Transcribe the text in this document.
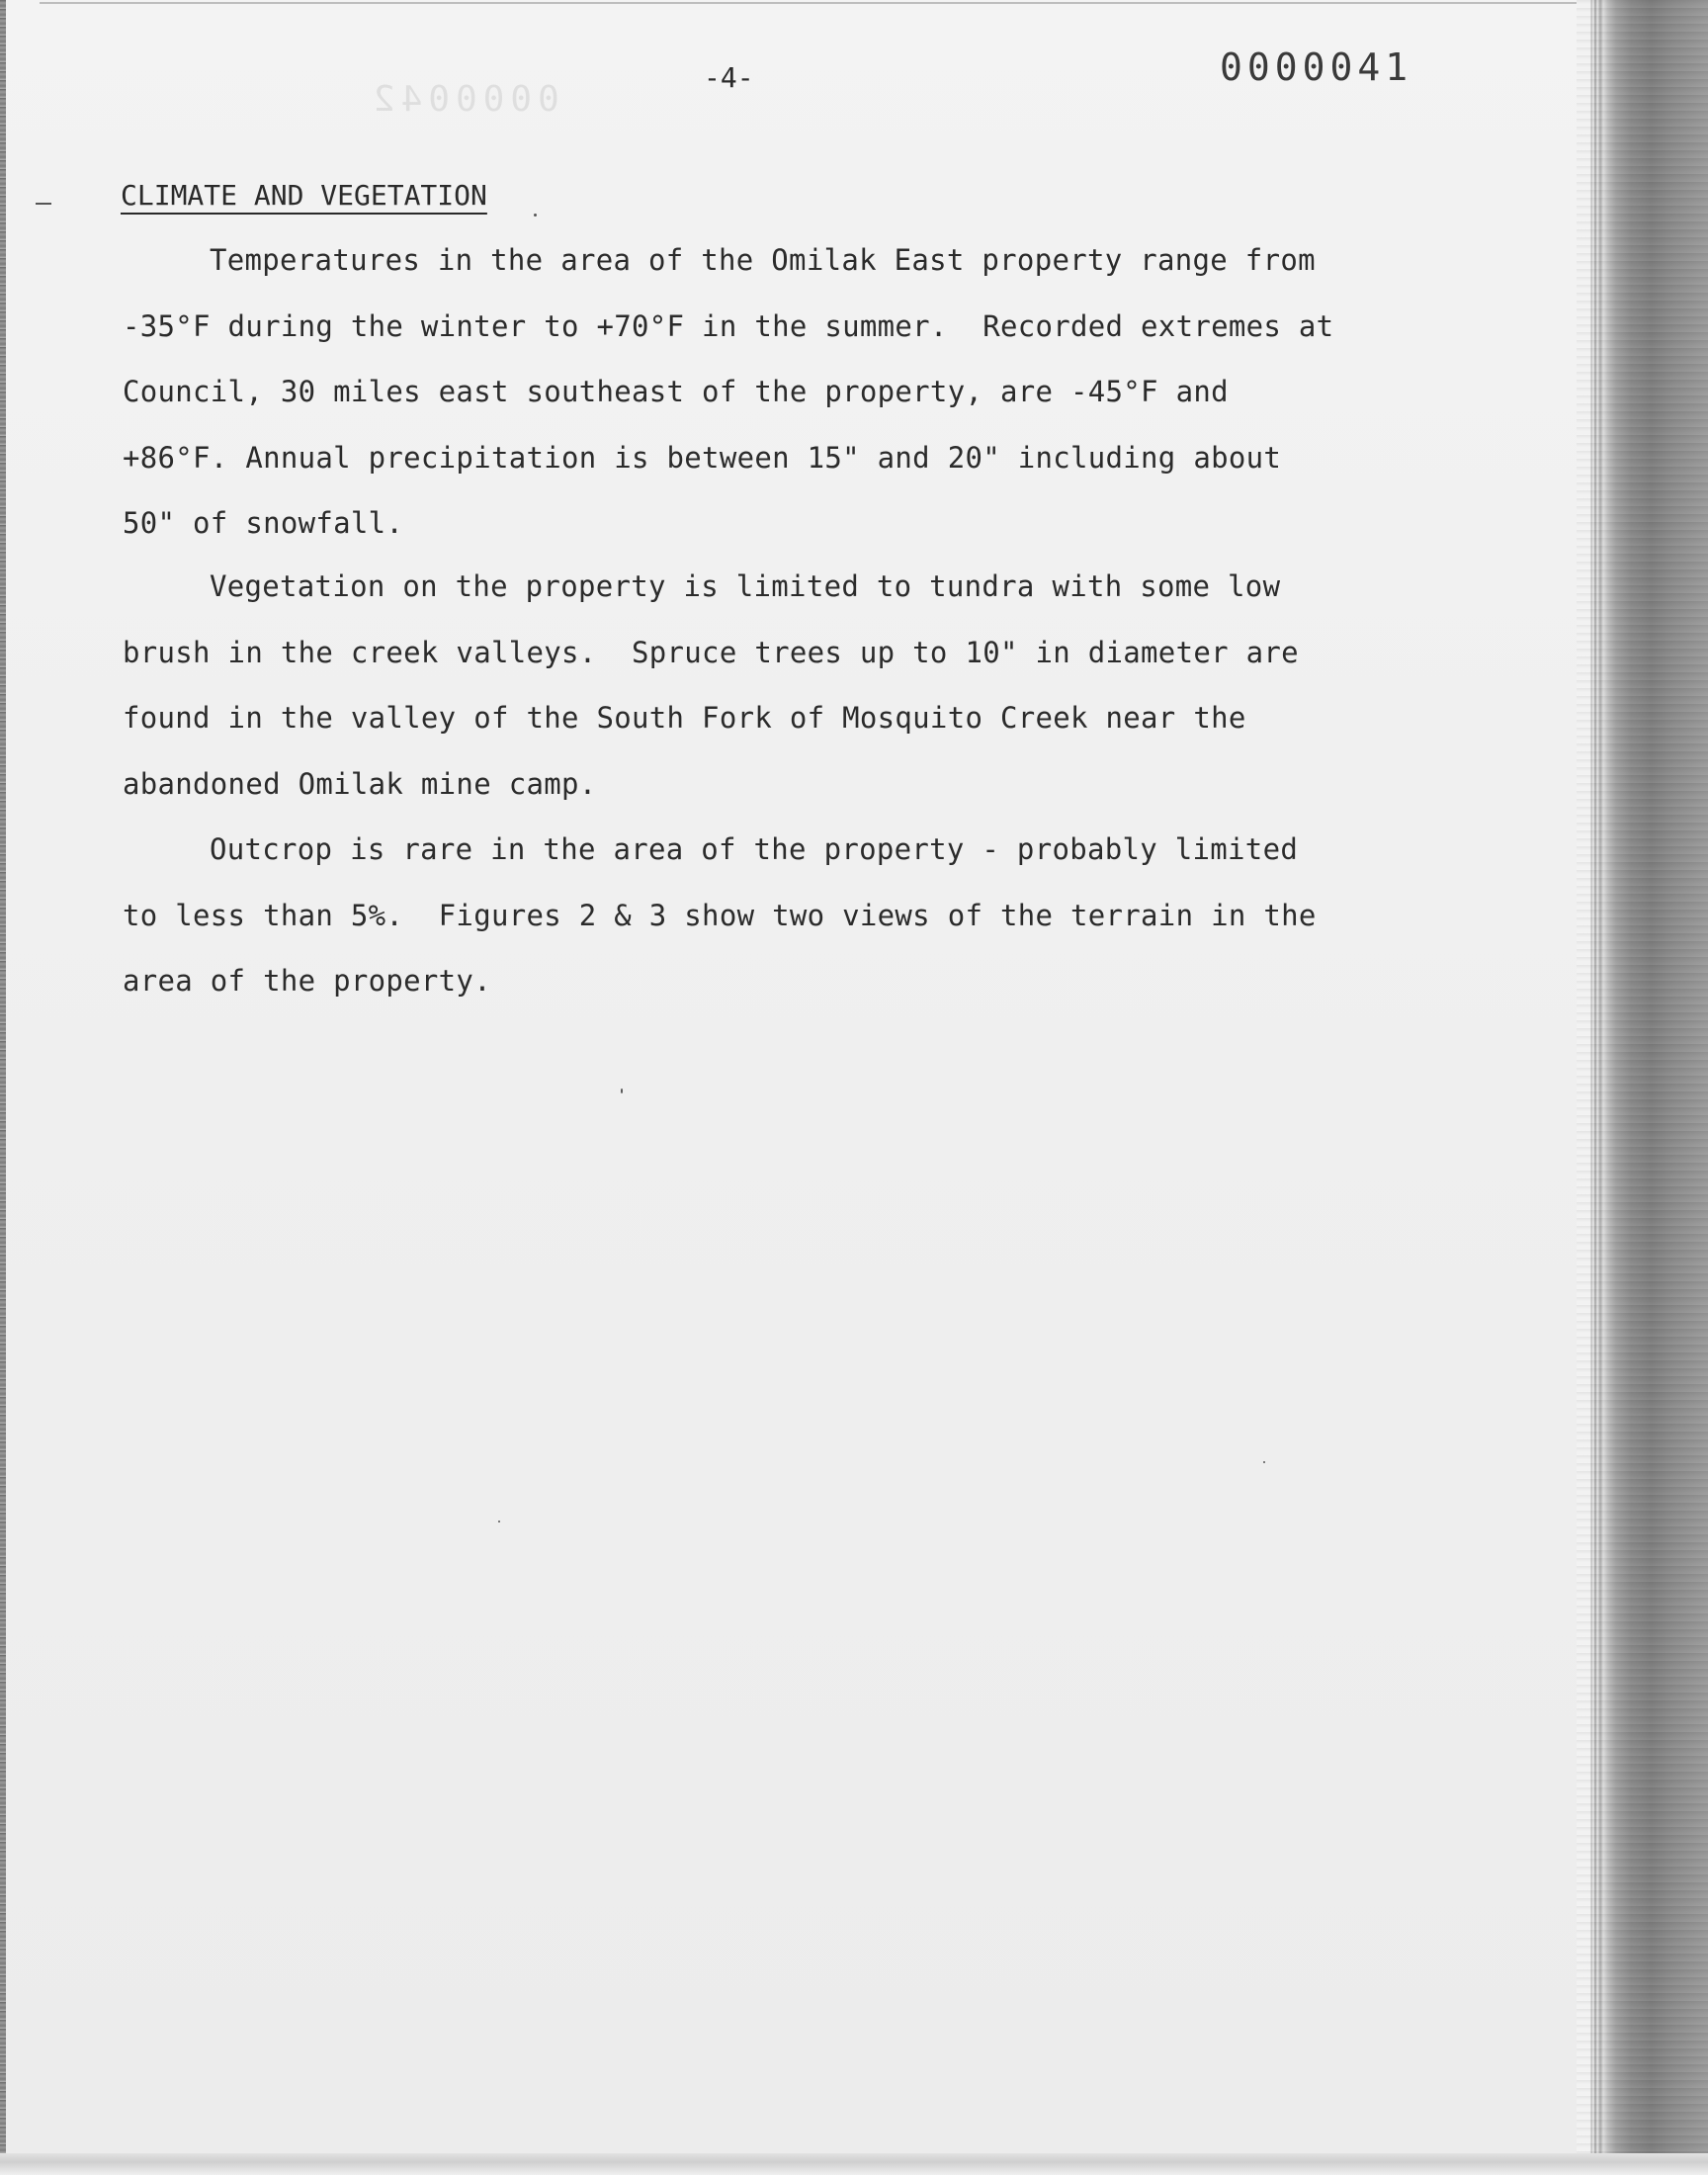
0000042
-4-	0000041
CLIMATE AND VEGETATION
Temperatures in the area of the Omilak East property range from -35°F during the winter to +70°F in the summer.  Recorded extremes at Council, 30 miles east southeast of the property, are -45°F and +86°F. Annual precipitation is between 15" and 20" including about 50" of snowfall.
Vegetation on the property is limited to tundra with some low brush in the creek valleys.  Spruce trees up to 10" in diameter are found in the valley of the South Fork of Mosquito Creek near the abandoned Omilak mine camp.
Outcrop is rare in the area of the property - probably limited to less than 5%.  Figures 2 & 3 show two views of the terrain in the area of the property.
